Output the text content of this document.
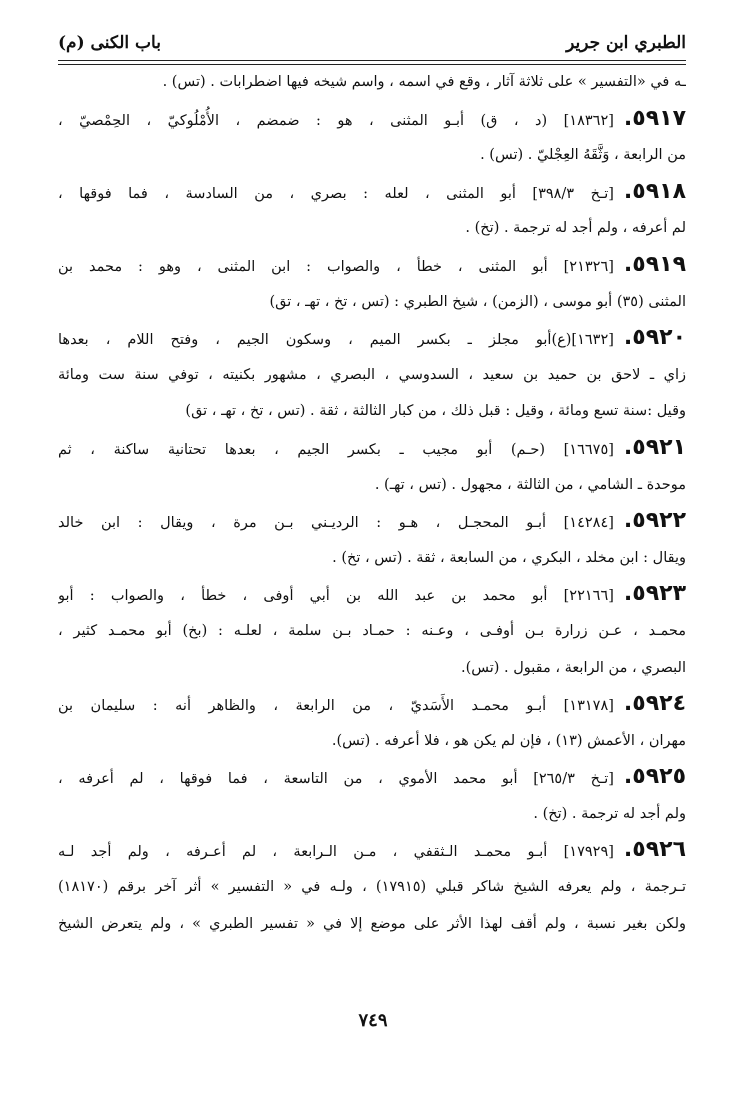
الطبري ابن جرير
باب الكنى (م)
ـه في «التفسير » على ثلاثة آثار ، وقع في اسمه ، واسم شيخه فيها اضطرابات . (تس) .
٥٩١٧.[١٨٣٦٢] (د ، ق) أبـو المثنى ، هو : ضمضم ، الأُمْلُوكيّ ، الحِمْصيّ ،
من الرابعة ، وَثَّقَهُ العِجْليّ . (تس) .
٥٩١٨.[تـخ ٣٩٨/٣] أبو المثنى ، لعله : بصري ، من السادسة ، فما فوقها ،
لم أعرفه ، ولم أجد له ترجمة . (تخ) .
٥٩١٩.[٢١٣٢٦] أبو المثنى ، خطأ ، والصواب : ابن المثنى ، وهو : محمد بن
المثنى (٣٥) أبو موسى ، (الزمن) ، شيخ الطبري : (تس ، تخ ، تهـ ، تق)
٥٩٢٠.[١٦٣٢](ع)أبو مجلز ـ بكسر الميم ، وسكون الجيم ، وفتح اللام ، بعدها
زاي ـ لاحق بن حميد بن سعيد ، السدوسي ، البصري ، مشهور بكنيته ، توفي سنة ست ومائة
وقيل :سنة تسع ومائة ، وقيل : قبل ذلك ، من كبار الثالثة ، ثقة . (تس ، تخ ، تهـ ، تق)
٥٩٢١.[١٦٦٧٥] (حـم) أبو مجيب ـ بكسر الجيم ، بعدها تحتانية ساكنة ، ثم
موحدة ـ الشامي ، من الثالثة ، مجهول . (تس ، تهـ) .
٥٩٢٢.[١٤٢٨٤] أبـو المحجـل ، هـو : الرديـني بـن مرة ، ويقال : ابن خالد
ويقال : ابن مخلد ، البكري ، من السابعة ، ثقة . (تس ، تخ) .
٥٩٢٣.[٢٢١٦٦] أبو محمد بن عبد الله بن أبي أوفى ، خطأ ، والصواب : أبو
محمـد ، عـن زرارة بـن أوفـى ، وعـنه : حمـاد بـن سلمة ، لعلـه : (بخ) أبو محمـد كثير ،
البصري ، من الرابعة ، مقبول . (تس).
٥٩٢٤.[١٣١٧٨] أبـو محمـد الأَسَديّ ، من الرابعة ، والظاهر أنه : سليمان بن
مهران ، الأعمش (١٣) ، فإن لم يكن هو ، فلا أعرفه . (تس).
٥٩٢٥.[تـخ ٢٦٥/٣] أبو محمد الأموي ، من التاسعة ، فما فوقها ، لم أعرفه ،
ولم أجد له ترجمة . (تخ) .
٥٩٢٦.[١٧٩٢٩] أبـو محمـد الـثقفي ، مـن الـرابعة ، لم أعـرفه ، ولم أجد لـه
تـرجمة ، ولم يعرفه الشيخ شاكر قبلي (١٧٩١٥) ، ولـه في « التفسير » أثر آخر برقم (١٨١٧٠)
ولكن بغير نسبة ، ولم أقف لهذا الأثر على موضع إلا في « تفسير الطبري » ، ولم يتعرض الشيخ
٧٤٩
